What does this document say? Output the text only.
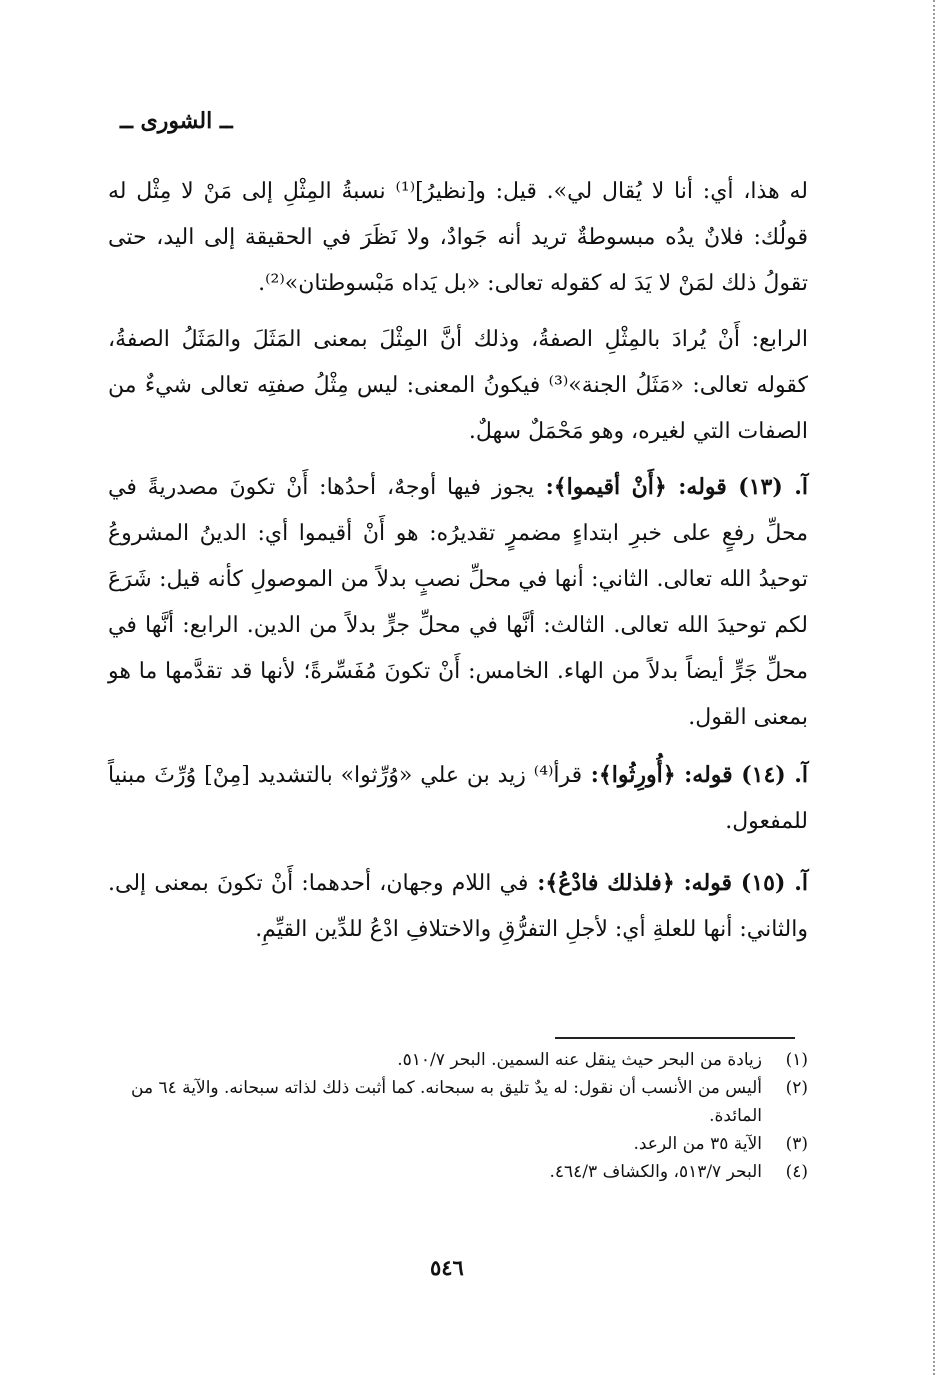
ــ الشورى ــ
له هذا، أي: أنا لا يُقال لي». قيل: و[نظيرُ]⁽¹⁾ نسبةُ المِثْلِ إلى مَنْ لا مِثْل له قولُك: فلانٌ يدُه مبسوطةٌ تريد أنه جَوادٌ، ولا نَظَرَ في الحقيقة إلى اليد، حتى تقولُ ذلك لمَنْ لا يَدَ له كقوله تعالى: «بل يَداه مَبْسوطتان»⁽²⁾.
الرابع: أَنْ يُرادَ بالمِثْلِ الصفةُ، وذلك أنَّ المِثْلَ بمعنى المَثَلَ والمَثَلُ الصفةُ، كقوله تعالى: «مَثَلُ الجنة»⁽³⁾ فيكونُ المعنى: ليس مِثْلُ صفتِه تعالى شيءٌ من الصفات التي لغيره، وهو مَحْمَلٌ سهلٌ.
آ. (١٣) قوله: ﴿أَنْ أقيموا﴾: يجوز فيها أوجهٌ، أحدُها: أَنْ تكونَ مصدريةً في محلِّ رفعٍ على خبرِ ابتداءٍ مضمرٍ تقديرُه: هو أَنْ أقيموا أي: الدينُ المشروعُ توحيدُ الله تعالى. الثاني: أنها في محلِّ نصبٍ بدلاً من الموصولِ كأنه قيل: شَرَعَ لكم توحيدَ الله تعالى. الثالث: أنَّها في محلِّ جرٍّ بدلاً من الدين. الرابع: أنَّها في محلِّ جَرٍّ أيضاً بدلاً من الهاء. الخامس: أَنْ تكونَ مُفَسِّرةً؛ لأنها قد تقدَّمها ما هو بمعنى القول.
آ. (١٤) قوله: ﴿أُورِثُوا﴾: قرأ⁽⁴⁾ زيد بن علي «وُرِّثوا» بالتشديد [مِنْ] وُرِّثَ مبنياً للمفعول.
آ. (١٥) قوله: ﴿فلذلك فادْعُ﴾: في اللام وجهان، أحدهما: أَنْ تكونَ بمعنى إلى. والثاني: أنها للعلةِ أي: لأجلِ التفرُّقِ والاختلافِ ادْعُ للدِّين القيِّمِ.
(١)
زيادة من البحر حيث ينقل عنه السمين. البحر ٥١٠/٧.
(٢)
أليس من الأنسب أن نقول: له يدٌ تليق به سبحانه. كما أثبت ذلك لذاته سبحانه. والآية ٦٤ من المائدة.
(٣)
الآية ٣٥ من الرعد.
(٤)
البحر ٥١٣/٧، والكشاف ٤٦٤/٣.
٥٤٦
